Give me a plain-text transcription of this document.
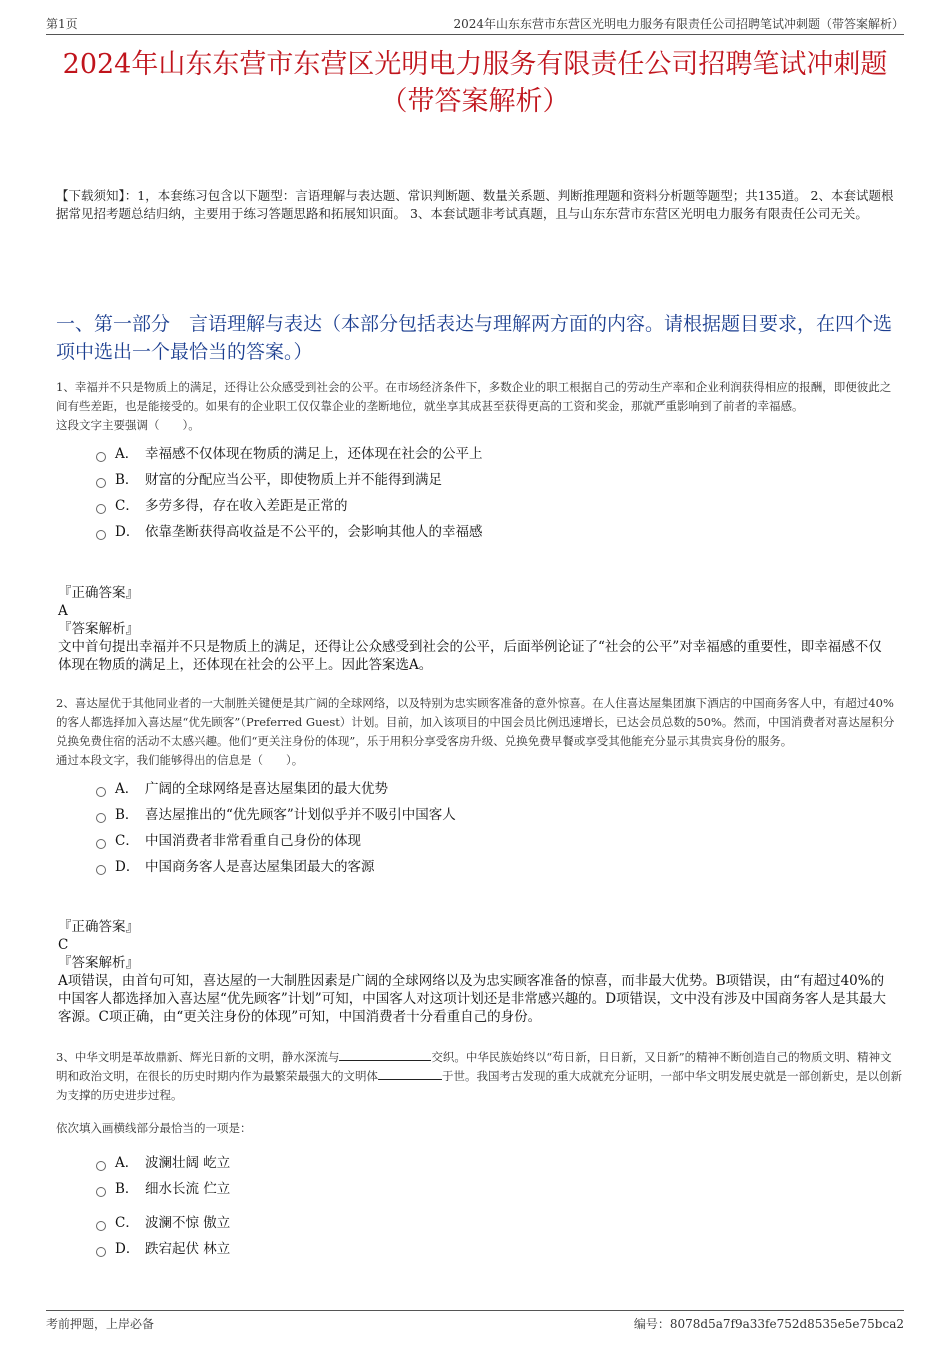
第1页	2024年山东东营市东营区光明电力服务有限责任公司招聘笔试冲刺题（带答案解析）
2024年山东东营市东营区光明电力服务有限责任公司招聘笔试冲刺题（带答案解析）
【下载须知】：1，本套练习包含以下题型：言语理解与表达题、常识判断题、数量关系题、判断推理题和资料分析题等题型；共135道。 2、本套试题根据常见招考题总结归纳，主要用于练习答题思路和拓展知识面。 3、本套试题非考试真题，且与山东东营市东营区光明电力服务有限责任公司无关。
一、第一部分　言语理解与表达（本部分包括表达与理解两方面的内容。请根据题目要求，在四个选项中选出一个最恰当的答案。）

1、幸福并不只是物质上的满足，还得让公众感受到社会的公平。在市场经济条件下，多数企业的职工根据自己的劳动生产率和企业利润获得相应的报酬，即便彼此之间有些差距，也是能接受的。如果有的企业职工仅仅靠企业的垄断地位，就坐享其成甚至获得更高的工资和奖金，那就严重影响到了前者的幸福感。

这段文字主要强调（　　）。

A． 幸福感不仅体现在物质的满足上，还体现在社会的公平上
B． 财富的分配应当公平，即使物质上并不能得到满足
C． 多劳多得，存在收入差距是正常的
D． 依靠垄断获得高收益是不公平的，会影响其他人的幸福感
『正确答案』
A
『答案解析』
文中首句提出幸福并不只是物质上的满足，还得让公众感受到社会的公平，后面举例论证了“社会的公平”对幸福感的重要性，即幸福感不仅体现在物质的满足上，还体现在社会的公平上。因此答案选A。

2、喜达屋优于其他同业者的一大制胜关键便是其广阔的全球网络，以及特别为忠实顾客准备的意外惊喜。在人住喜达屋集团旗下酒店的中国商务客人中，有超过40%的客人都选择加入喜达屋“优先顾客”（Preferred Guest）计划。目前，加入该项目的中国会员比例迅速增长，已达会员总数的50%。然而，中国消费者对喜达屋积分兑换免费住宿的活动不太感兴趣。他们“更关注身份的体现”，乐于用积分享受客房升级、兑换免费早餐或享受其他能充分显示其贵宾身份的服务。

通过本段文字，我们能够得出的信息是（　　）。

A． 广阔的全球网络是喜达屋集团的最大优势
B． 喜达屋推出的“优先顾客”计划似乎并不吸引中国客人
C． 中国消费者非常看重自己身份的体现
D． 中国商务客人是喜达屋集团最大的客源
『正确答案』
C
『答案解析』
A项错误，由首句可知，喜达屋的一大制胜因素是广阔的全球网络以及为忠实顾客准备的惊喜，而非最大优势。B项错误，由“有超过40%的中国客人都选择加入喜达屋“优先顾客”计划”可知，中国客人对这项计划还是非常感兴趣的。D项错误，文中没有涉及中国商务客人是其最大客源。C项正确，由“更关注身份的体现”可知，中国消费者十分看重自己的身份。

3、中华文明是革故鼎新、辉光日新的文明，静水深流与	交织。中华民族始终以“苟日新，日日新，又日新”的精神不断创造自己的物质文明、精神文明和政治文明，在很长的历史时期内作为最繁荣最强大的文明体	于世。我国考古发现的重大成就充分证明，一部中华文明发展史就是一部创新史，是以创新为支撑的历史进步过程。

依次填入画横线部分最恰当的一项是：

A． 波澜壮阔 屹立
B． 细水长流 伫立
C． 波澜不惊 傲立
D． 跌宕起伏 林立
考前押题，上岸必备	编号：8078d5a7f9a33fe752d8535e5e75bca2
